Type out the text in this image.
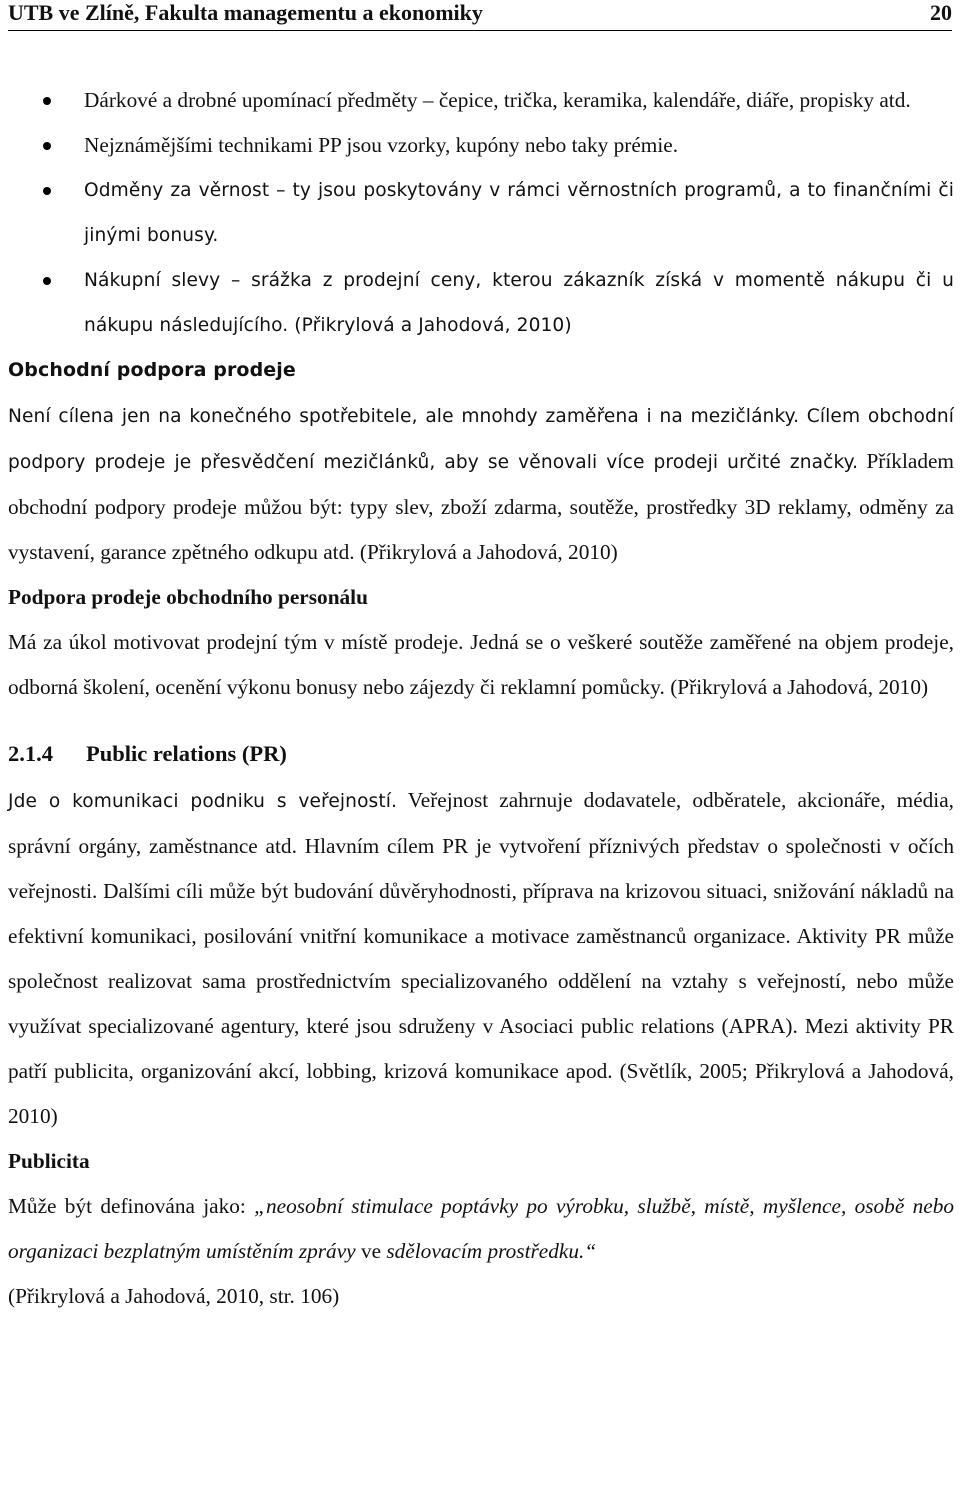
UTB ve Zlíně, Fakulta managementu a ekonomiky	20
Dárkové a drobné upomínací předměty – čepice, trička, keramika, kalendáře, diáře, propisky atd.
Nejznámějšími technikami PP jsou vzorky, kupóny nebo taky prémie.
Odměny za věrnost – ty jsou poskytovány v rámci věrnostních programů, a to finančními či jinými bonusy.
Nákupní slevy – srážka z prodejní ceny, kterou zákazník získá v momentě nákupu či u nákupu následujícího. (Přikrylová a Jahodová, 2010)
Obchodní podpora prodeje

Není cílena jen na konečného spotřebitele, ale mnohdy zaměřena i na mezičlánky. Cílem obchodní podpory prodeje je přesvědčení mezičlánků, aby se věnovali více prodeji určité značky. Příkladem obchodní podpory prodeje můžou být: typy slev, zboží zdarma, soutěže, prostředky 3D reklamy, odměny za vystavení, garance zpětného odkupu atd. (Přikrylová a Jahodová, 2010)

Podpora prodeje obchodního personálu

Má za úkol motivovat prodejní tým v místě prodeje. Jedná se o veškeré soutěže zaměřené na objem prodeje, odborná školení, ocenění výkonu bonusy nebo zájezdy či reklamní pomůcky. (Přikrylová a Jahodová, 2010)

2.1.4 Public relations (PR)

Jde o komunikaci podniku s veřejností. Veřejnost zahrnuje dodavatele, odběratele, akcionáře, média, správní orgány, zaměstnance atd. Hlavním cílem PR je vytvoření příznivých představ o společnosti v očích veřejnosti. Dalšími cíli může být budování důvěryhodnosti, příprava na krizovou situaci, snižování nákladů na efektivní komunikaci, posilování vnitřní komunikace a motivace zaměstnanců organizace. Aktivity PR může společnost realizovat sama prostřednictvím specializovaného oddělení na vztahy s veřejností, nebo může využívat specializované agentury, které jsou sdruženy v Asociaci public relations (APRA). Mezi aktivity PR patří publicita, organizování akcí, lobbing, krizová komunikace apod. (Světlík, 2005; Přikrylová a Jahodová, 2010)

Publicita

Může být definována jako: „neosobní stimulace poptávky po výrobku, službě, místě, myšlence, osobě nebo organizaci bezplatným umístěním zprávy ve sdělovacím prostředku.“

(Přikrylová a Jahodová, 2010, str. 106)
